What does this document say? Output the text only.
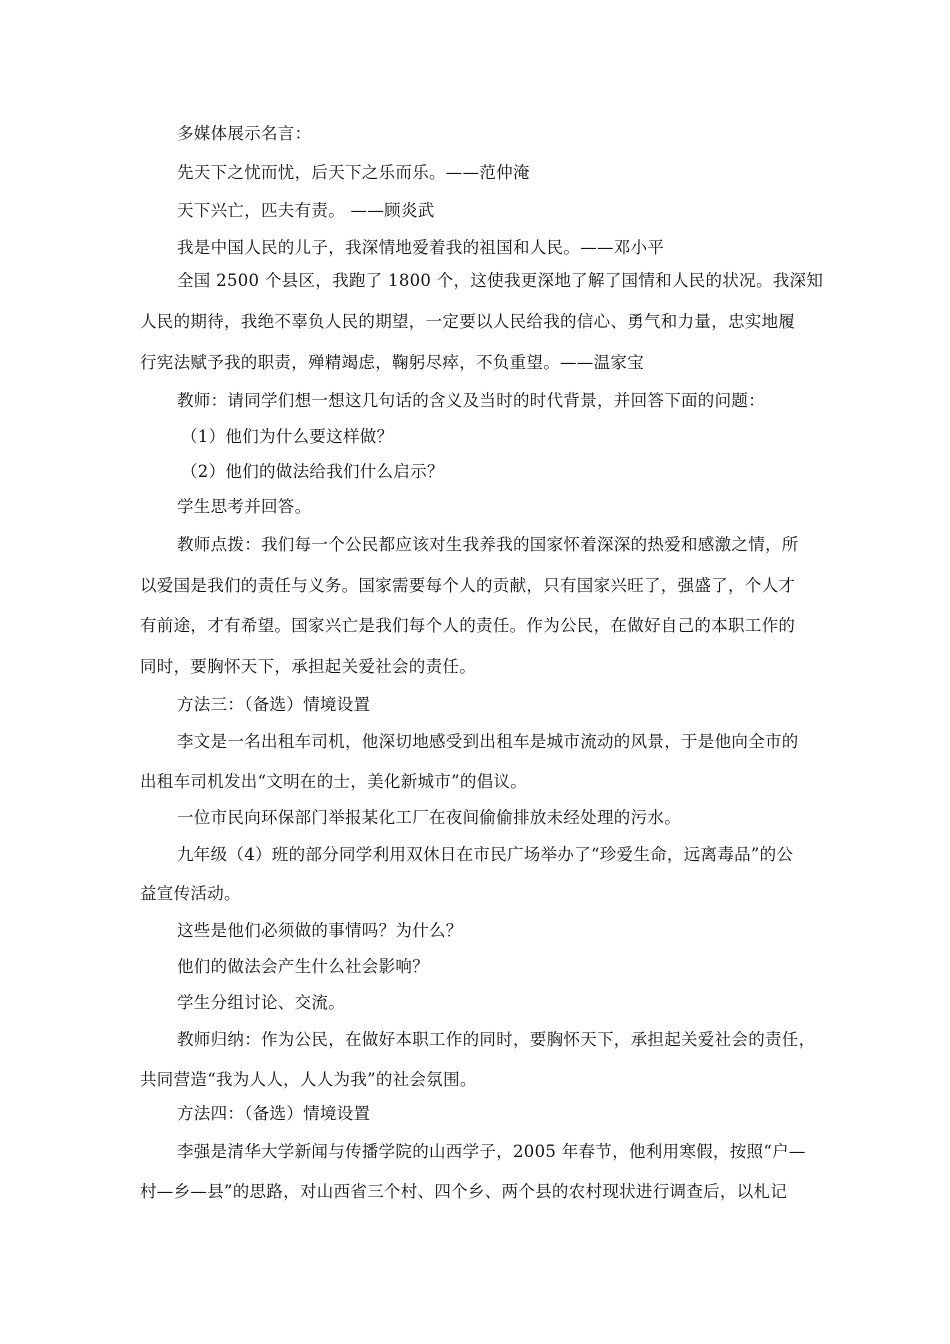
多媒体展示名言：
先天下之忧而忧，后天下之乐而乐。——范仲淹
天下兴亡，匹夫有责。 ——顾炎武
我是中国人民的儿子，我深情地爱着我的祖国和人民。——邓小平
全国 2500 个县区，我跑了 1800 个，这使我更深地了解了国情和人民的状况。我深知
人民的期待，我绝不辜负人民的期望，一定要以人民给我的信心、勇气和力量，忠实地履
行宪法赋予我的职责，殚精竭虑，鞠躬尽瘁，不负重望。——温家宝
教师：请同学们想一想这几句话的含义及当时的时代背景，并回答下面的问题：
（1）他们为什么要这样做？
（2）他们的做法给我们什么启示？
学生思考并回答。
教师点拨：我们每一个公民都应该对生我养我的国家怀着深深的热爱和感激之情，所
以爱国是我们的责任与义务。国家需要每个人的贡献，只有国家兴旺了，强盛了，个人才
有前途，才有希望。国家兴亡是我们每个人的责任。作为公民，在做好自己的本职工作的
同时，要胸怀天下，承担起关爱社会的责任。
方法三：（备选）情境设置
李文是一名出租车司机，他深切地感受到出租车是城市流动的风景，于是他向全市的
出租车司机发出“文明在的士，美化新城市”的倡议。
一位市民向环保部门举报某化工厂在夜间偷偷排放未经处理的污水。
九年级（4）班的部分同学利用双休日在市民广场举办了“珍爱生命，远离毒品”的公
益宣传活动。
这些是他们必须做的事情吗？为什么？
他们的做法会产生什么社会影响？
学生分组讨论、交流。
教师归纳：作为公民，在做好本职工作的同时，要胸怀天下，承担起关爱社会的责任，
共同营造“我为人人，人人为我”的社会氛围。
方法四：（备选）情境设置
李强是清华大学新闻与传播学院的山西学子，2005 年春节，他利用寒假，按照“户—
村—乡—县”的思路，对山西省三个村、四个乡、两个县的农村现状进行调查后，以札记
